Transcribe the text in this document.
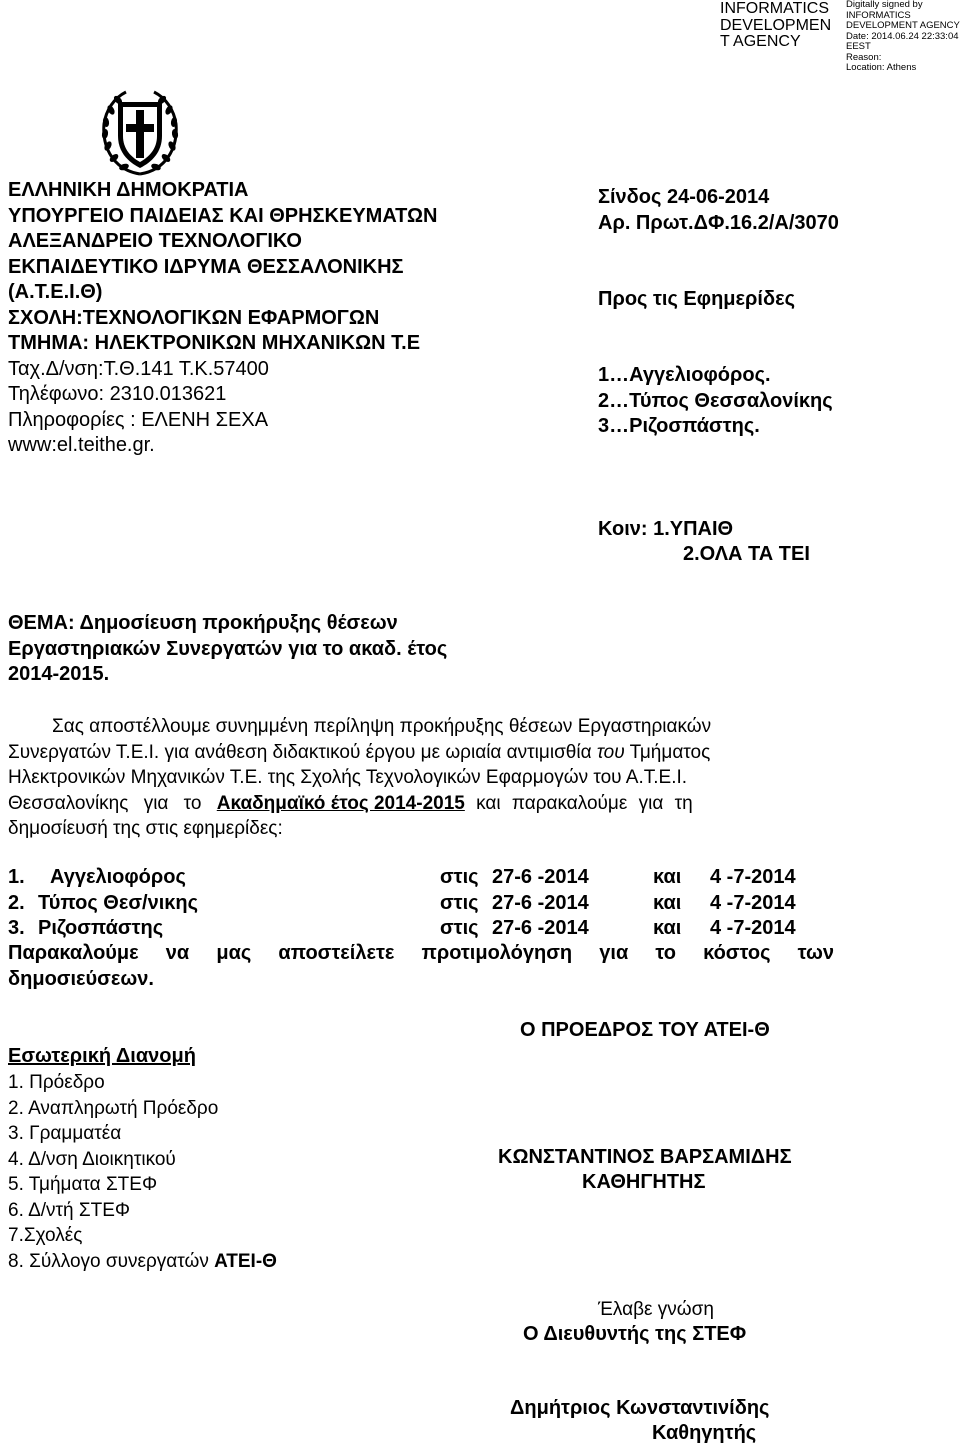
INFORMATICS
DEVELOPMEN
T AGENCY
Digitally signed by
INFORMATICS
DEVELOPMENT AGENCY
Date: 2014.06.24 22:33:04
EEST
Reason:
Location: Athens
ΕΛΛΗΝΙΚΗ ΔΗΜΟΚΡΑΤΙΑ
ΥΠΟΥΡΓΕΙΟ ΠΑΙΔΕΙΑΣ ΚΑΙ ΘΡΗΣΚΕΥΜΑΤΩΝ
ΑΛΕΞΑΝΔΡΕΙΟ ΤΕΧΝΟΛΟΓΙΚΟ
ΕΚΠΑΙΔΕΥΤΙΚΟ ΙΔΡΥΜΑ ΘΕΣΣΑΛΟΝΙΚΗΣ
(Α.Τ.Ε.Ι.Θ)
ΣΧΟΛΗ:ΤΕΧΝΟΛΟΓΙΚΩΝ ΕΦΑΡΜΟΓΩΝ
ΤΜΗΜΑ: ΗΛΕΚΤΡΟΝΙΚΩΝ ΜΗΧΑΝΙΚΩΝ Τ.Ε
Ταχ.Δ/νση:Τ.Θ.141 Τ.Κ.57400
Τηλέφωνο: 2310.013621
Πληροφορίες : ΕΛΕΝΗ ΣΕΧΑ
www:el.teithe.gr.
Σίνδος 24-06-2014
Αρ. Πρωτ.ΔΦ.16.2/Α/3070
Προς τις Εφημερίδες
1…Αγγελιοφόρος.
2…Τύπος Θεσσαλονίκης
3…Ριζοσπάστης.
Κοιν: 1.ΥΠΑΙΘ
2.ΟΛΑ ΤΑ ΤΕΙ
ΘΕΜΑ: Δημοσίευση προκήρυξης θέσεων
Εργαστηριακών Συνεργατών για το ακαδ. έτος
2014-2015.
Σας αποστέλλουμε συνημμένη περίληψη προκήρυξης θέσεων Εργαστηριακών
Συνεργατών Τ.Ε.Ι. για ανάθεση διδακτικού έργου με ωριαία αντιμισθία του Τμήματος
Ηλεκτρονικών Μηχανικών Τ.Ε. της Σχολής Τεχνολογικών Εφαρμογών του Α.Τ.Ε.Ι.
Θεσσαλονίκης για το Ακαδημαϊκό έτος 2014-2015 και παρακαλούμε για τη
δημοσίευσή της στις εφημερίδες:
1. Αγγελιοφόρος	στις 27-6 -2014	και 4 -7-2014
2. Τύπος Θεσ/νικης	στις 27-6 -2014	και 4 -7-2014
3. Ριζοσπάστης	στις 27-6 -2014	και 4 -7-2014
Παρακαλούμε να μας αποστείλετε προτιμολόγηση για το κόστος των
δημοσιεύσεων.
Ο ΠΡΟΕΔΡΟΣ ΤΟΥ ΑΤΕΙ-Θ
ΚΩΝΣΤΑΝΤΙΝΟΣ ΒΑΡΣΑΜΙΔΗΣ
ΚΑΘΗΓΗΤΗΣ
Εσωτερική Διανομή
1. Πρόεδρο
2. Αναπληρωτή Πρόεδρο
3. Γραμματέα
4. Δ/νση Διοικητικού
5. Τμήματα ΣΤΕΦ
6. Δ/ντή ΣΤΕΦ
7.Σχολές
8. Σύλλογο συνεργατών ΑΤΕΙ-Θ
Έλαβε γνώση
Ο Διευθυντής της ΣΤΕΦ
Δημήτριος Κωνσταντινίδης
Καθηγητής
